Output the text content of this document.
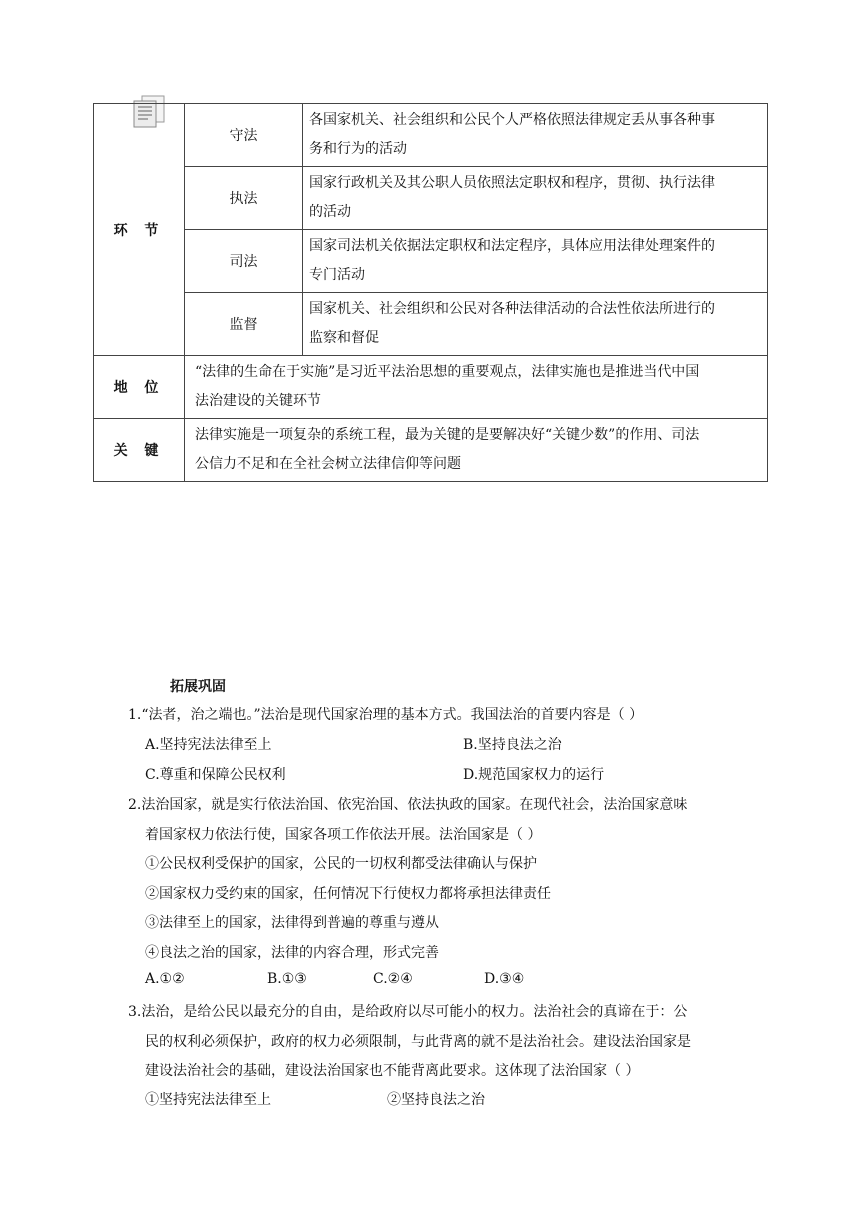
环 节	守法	各国家机关、社会组织和公民个人严格依照法律规定丢从事各种事
务和行为的活动
	执法	国家行政机关及其公职人员依照法定职权和程序，贯彻、执行法律
的活动
	司法	国家司法机关依据法定职权和法定程序，具体应用法律处理案件的
专门活动
	监督	国家机关、社会组织和公民对各种法律活动的合法性依法所进行的
监察和督促
地 位	“法律的生命在于实施”是习近平法治思想的重要观点，法律实施也是推进当代中国
法治建设的关键环节	
关 键	法律实施是一项复杂的系统工程，最为关键的是要解决好“关键少数”的作用、司法
公信力不足和在全社会树立法律信仰等问题	
拓展巩固
1.“法者，治之端也。”法治是现代国家治理的基本方式。我国法治的首要内容是（ ）
A.坚持宪法法律至上	B.坚持良法之治
C.尊重和保障公民权利	D.规范国家权力的运行
2.法治国家，就是实行依法治国、依宪治国、依法执政的国家。在现代社会，法治国家意味
着国家权力依法行使，国家各项工作依法开展。法治国家是（ ）
①公民权利受保护的国家，公民的一切权利都受法律确认与保护
②国家权力受约束的国家，任何情况下行使权力都将承担法律责任
③法律至上的国家，法律得到普遍的尊重与遵从
④良法之治的国家，法律的内容合理，形式完善
A.①②	B.①③	C.②④	D.③④
3.法治，是给公民以最充分的自由，是给政府以尽可能小的权力。法治社会的真谛在于：公
民的权利必须保护，政府的权力必须限制，与此背离的就不是法治社会。建设法治国家是
建设法治社会的基础，建设法治国家也不能背离此要求。这体现了法治国家（ ）
①坚持宪法法律至上	②坚持良法之治
